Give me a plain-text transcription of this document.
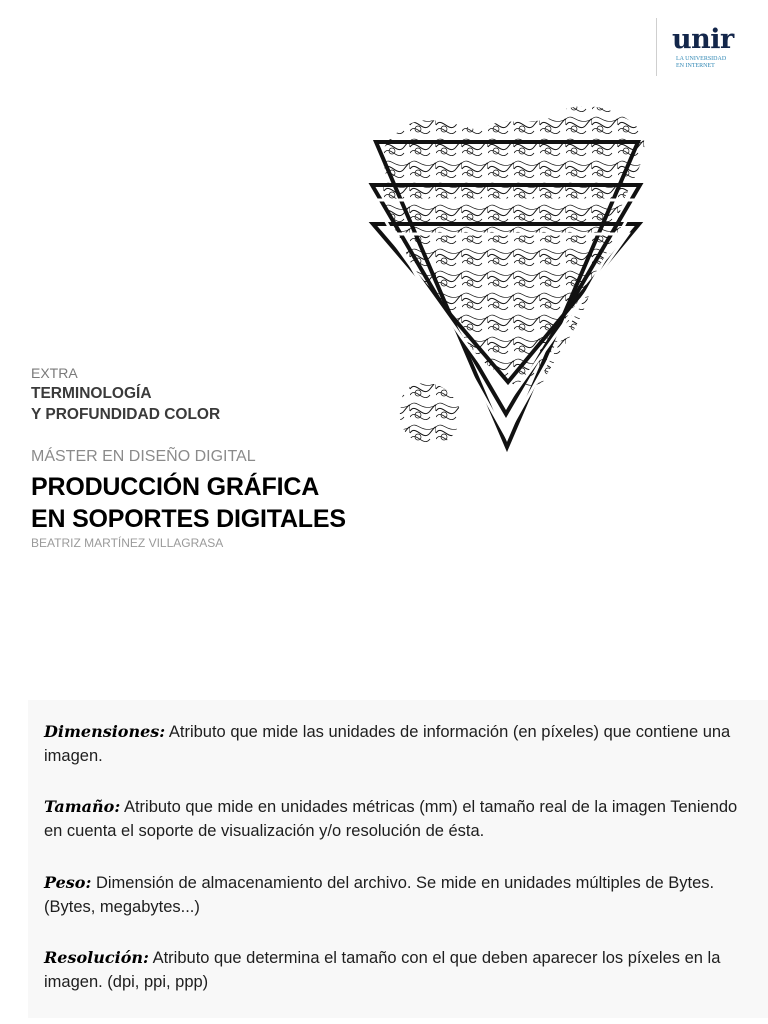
unir
LA UNIVERSIDAD
EN INTERNET
EXTRA
TERMINOLOGÍA
Y PROFUNDIDAD COLOR
MÁSTER EN DISEÑO DIGITAL
PRODUCCIÓN GRÁFICA
EN SOPORTES DIGITALES
BEATRIZ MARTÍNEZ VILLAGRASA
Dimensiones: Atributo que mide las unidades de información (en píxeles) que contiene una imagen.
Tamaño: Atributo que mide en unidades métricas (mm) el tamaño real de la imagen Teniendo en cuenta el soporte de visualización y/o resolución de ésta.
Peso: Dimensión de almacenamiento del archivo. Se mide en unidades múltiples de Bytes. (Bytes, megabytes...)
Resolución: Atributo que determina el tamaño con el que deben aparecer los píxeles en la imagen. (dpi, ppi, ppp)
